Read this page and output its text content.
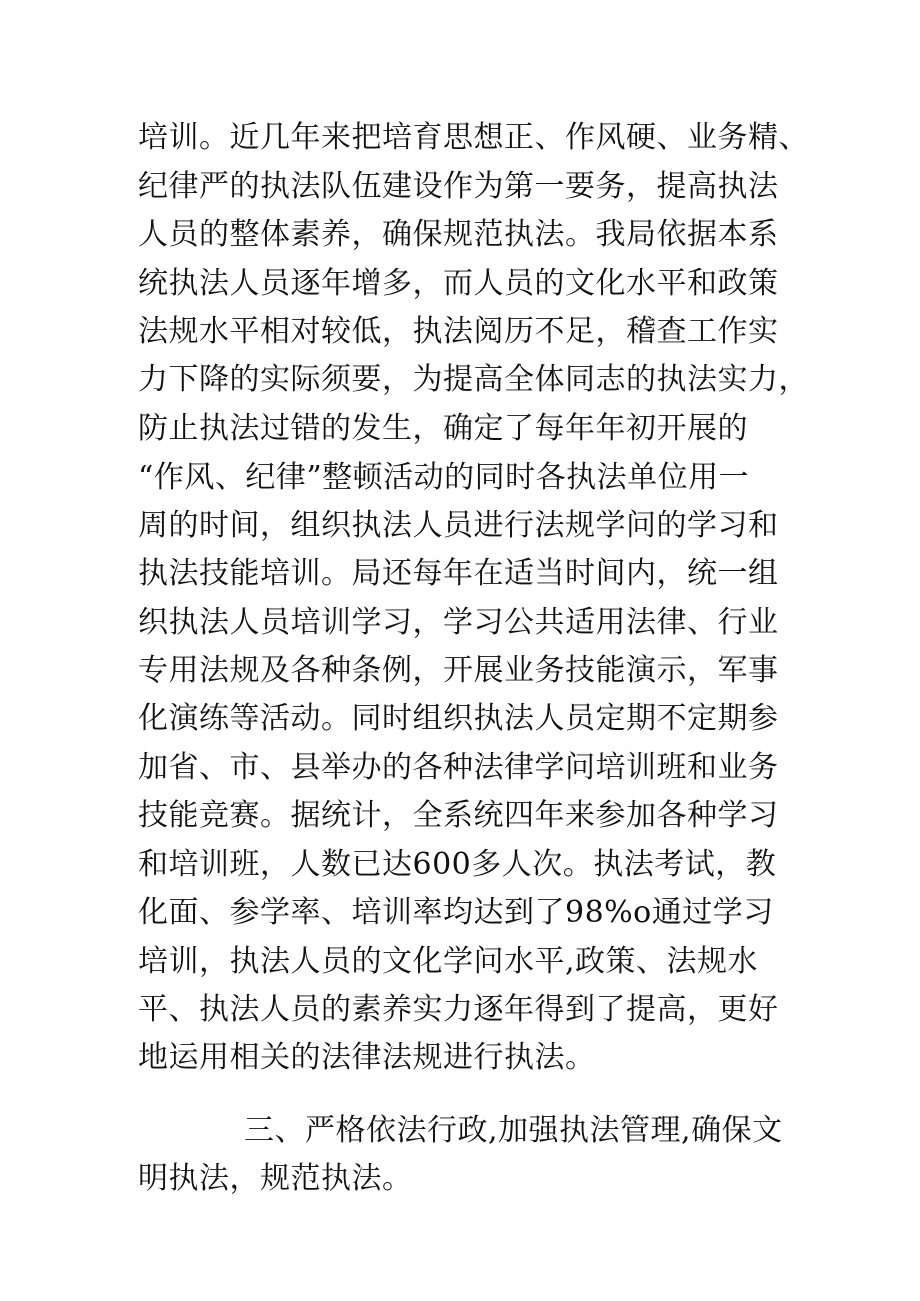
培训。近几年来把培育思想正、作风硬、业务精、
纪律严的执法队伍建设作为第一要务，提高执法
人员的整体素养，确保规范执法。我局依据本系
统执法人员逐年增多，而人员的文化水平和政策
法规水平相对较低，执法阅历不足，稽查工作实
力下降的实际须要，为提高全体同志的执法实力，
防止执法过错的发生，确定了每年年初开展的
“作风、纪律”整顿活动的同时各执法单位用一
周的时间，组织执法人员进行法规学问的学习和
执法技能培训。局还每年在适当时间内，统一组
织执法人员培训学习，学习公共适用法律、行业
专用法规及各种条例，开展业务技能演示，军事
化演练等活动。同时组织执法人员定期不定期参
加省、市、县举办的各种法律学问培训班和业务
技能竞赛。据统计，全系统四年来参加各种学习
和培训班，人数已达600多人次。执法考试，教
化面、参学率、培训率均达到了98%o通过学习
培训，执法人员的文化学问水平,政策、法规水
平、执法人员的素养实力逐年得到了提高，更好
地运用相关的法律法规进行执法。
三、严格依法行政,加强执法管理,确保文
明执法，规范执法。
